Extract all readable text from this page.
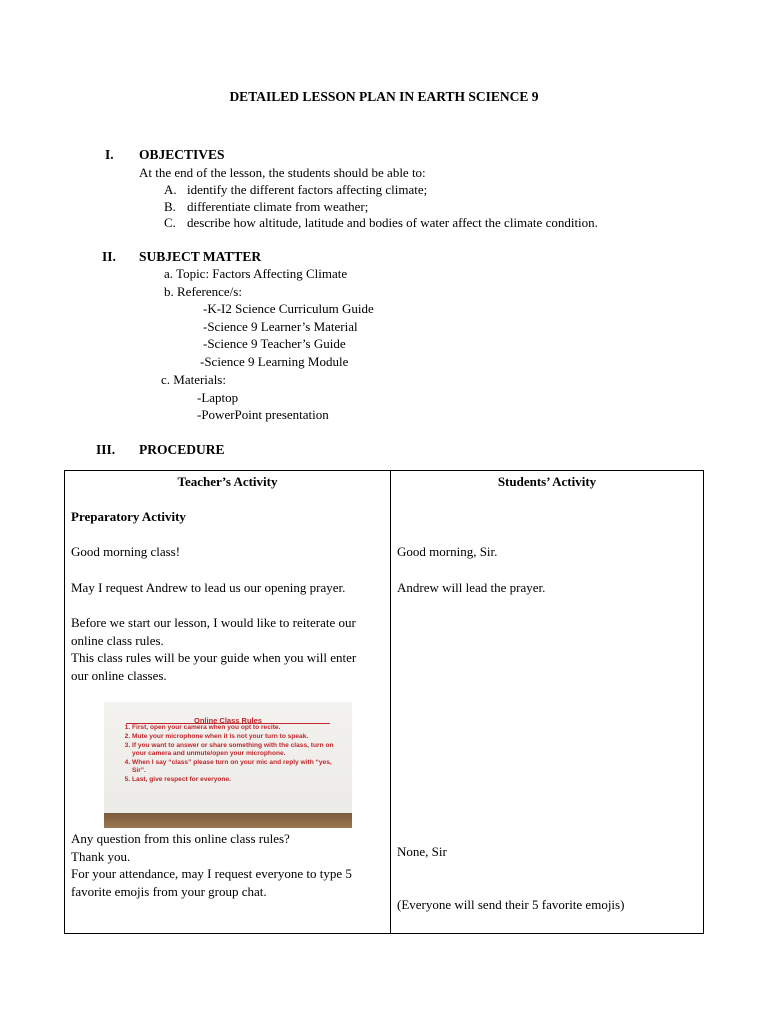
DETAILED LESSON PLAN IN EARTH SCIENCE 9
I. OBJECTIVES
At the end of the lesson, the students should be able to:
A. identify the different factors affecting climate;
B. differentiate climate from weather;
C. describe how altitude, latitude and bodies of water affect the climate condition.
II. SUBJECT MATTER
a. Topic: Factors Affecting Climate
b. Reference/s:
-K-I2 Science Curriculum Guide
-Science 9 Learner’s Material
-Science 9 Teacher’s Guide
-Science 9 Learning Module
c. Materials:
-Laptop
-PowerPoint presentation
III. PROCEDURE
Teacher’s Activity	Students’ Activity
Preparatory Activity
Good morning class!
May I request Andrew to lead us our opening prayer.
Before we start our lesson, I would like to reiterate our
online class rules.
This class rules will be your guide when you will enter
our online classes.
Online Class Rules
1. First, open your camera when you opt to recite.
2. Mute your microphone when it is not your turn to speak.
3. If you want to answer or share something with the class, turn on your camera and unmute/open your microphone.
4. When I say “class” please turn on your mic and reply with “yes, Sir”.
5. Last, give respect for everyone.
Any question from this online class rules?
Thank you.
For your attendance, may I request everyone to type 5
favorite emojis from your group chat.
Good morning, Sir.
Andrew will lead the prayer.
None, Sir
(Everyone will send their 5 favorite emojis)
